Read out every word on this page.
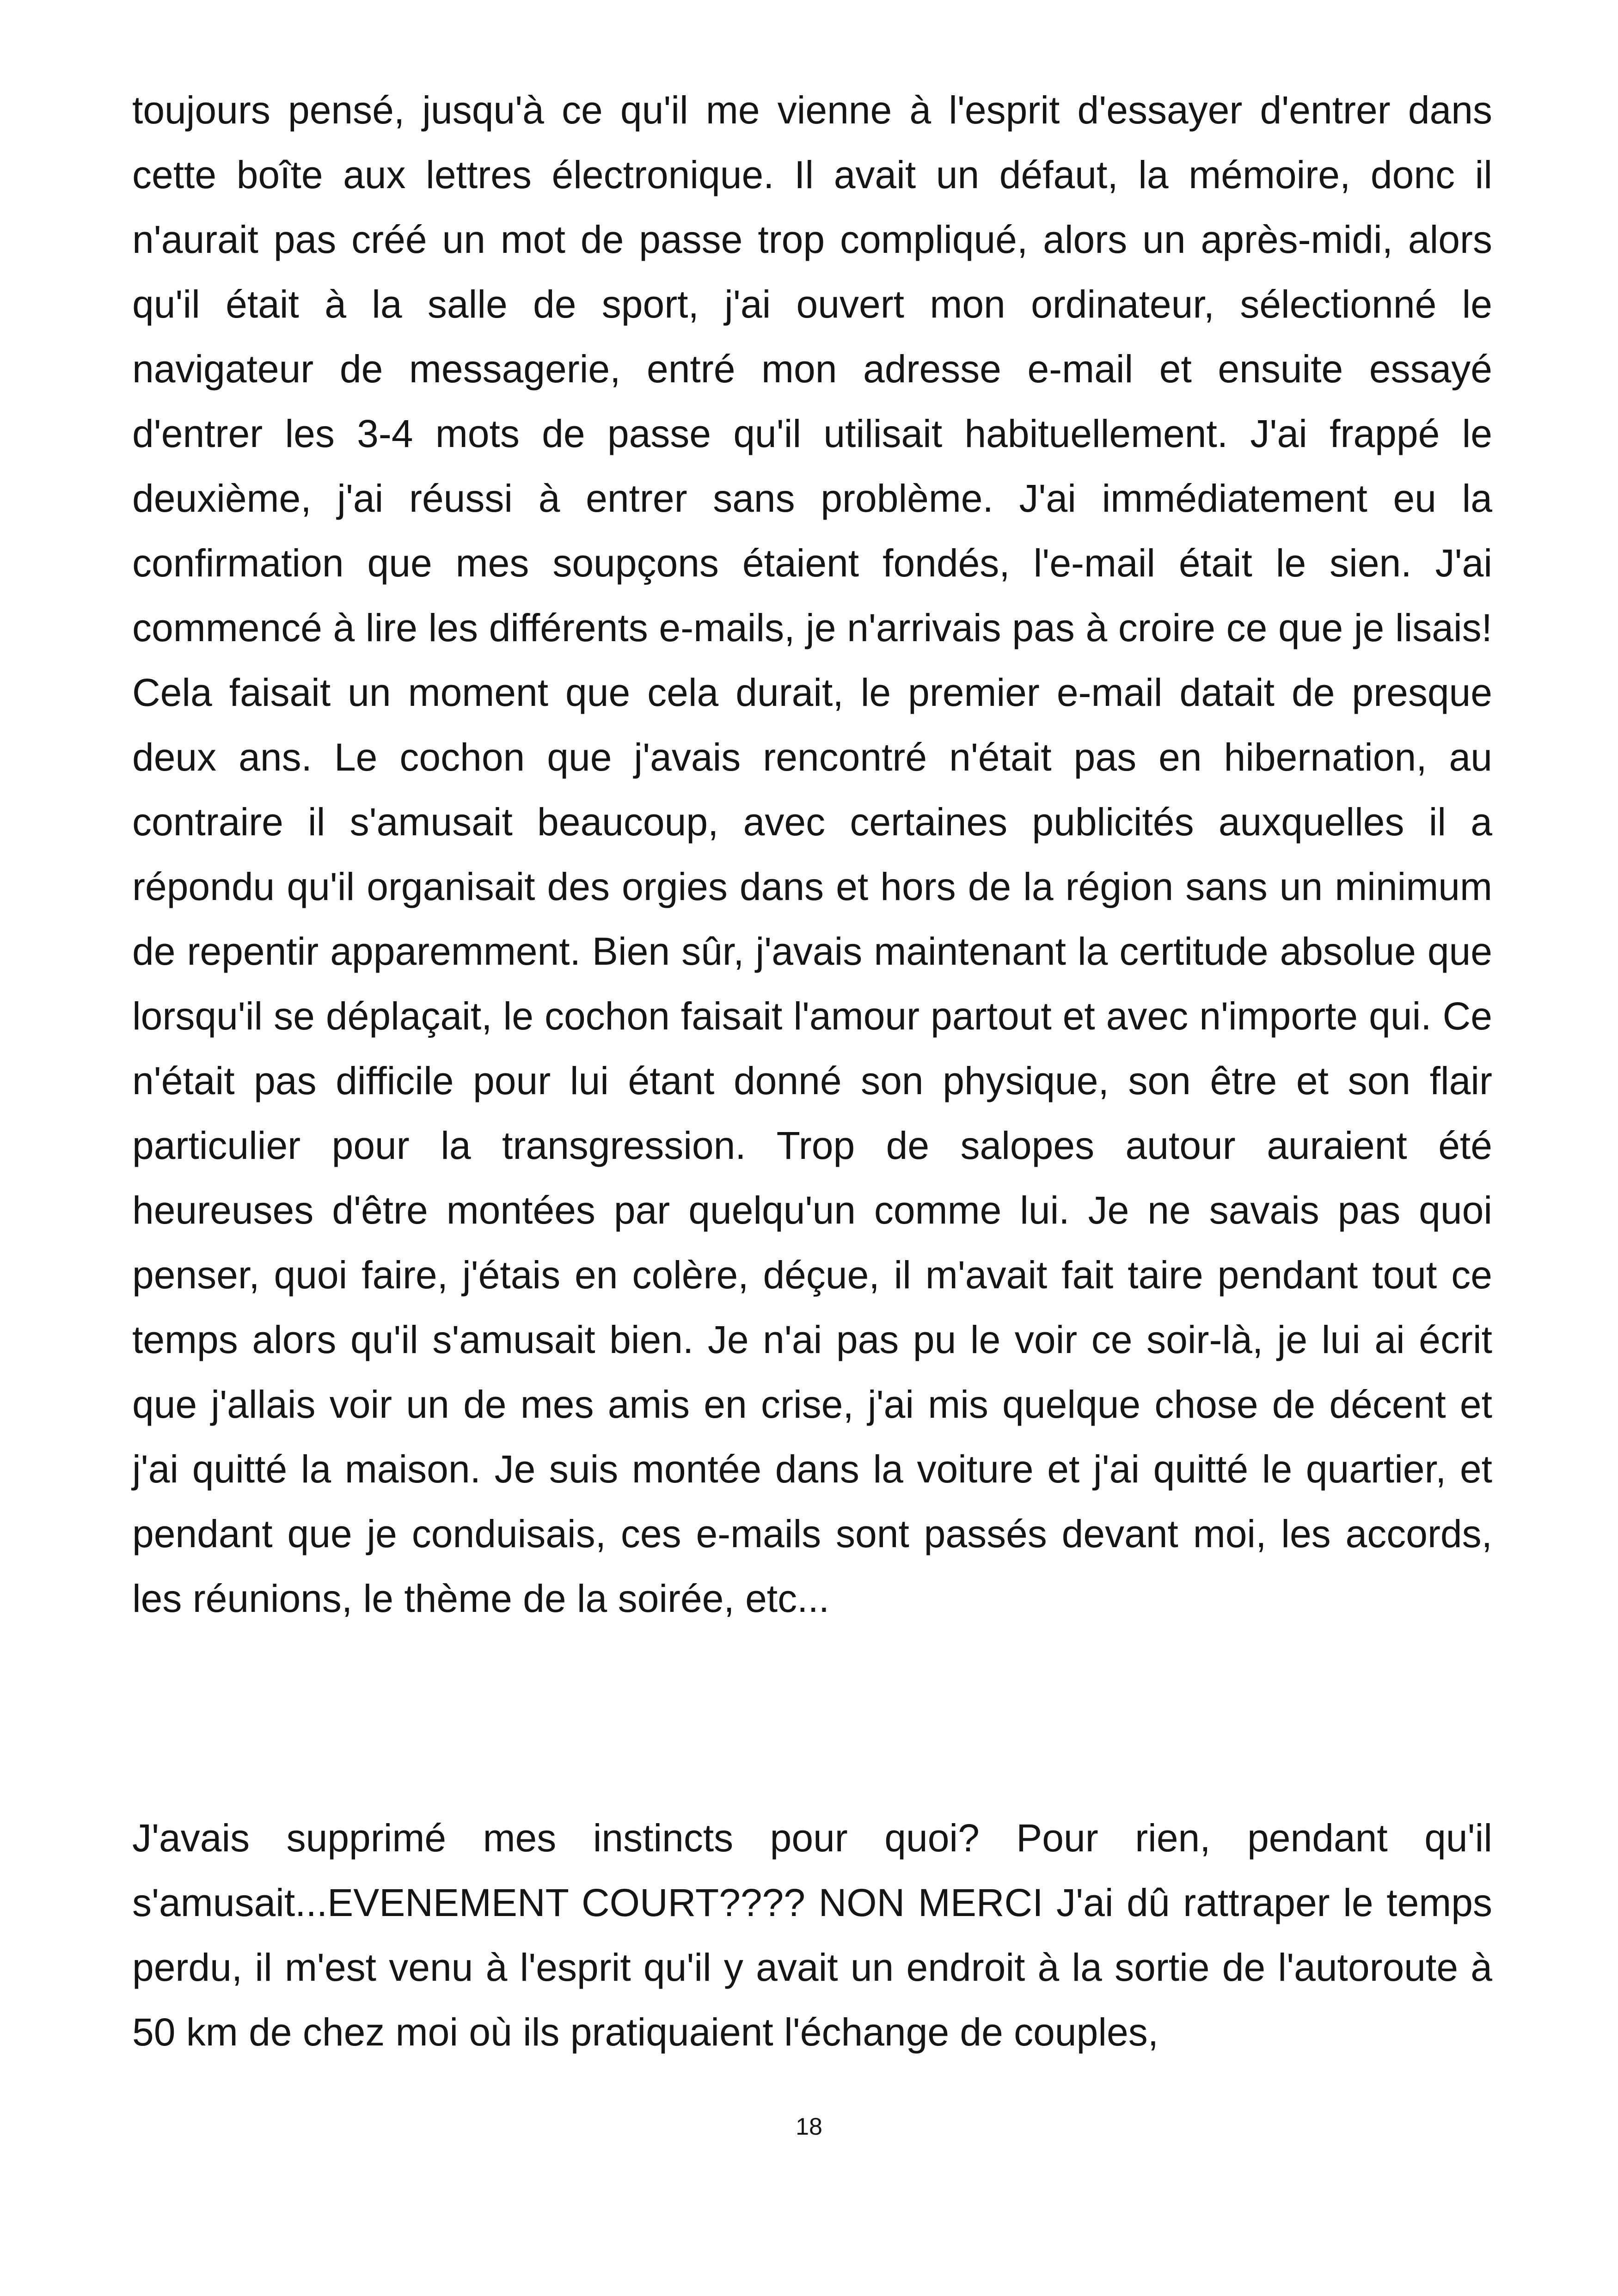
toujours pensé, jusqu'à ce qu'il me vienne à l'esprit d'essayer d'entrer dans cette boîte aux lettres électronique. Il avait un défaut, la mémoire, donc il n'aurait pas créé un mot de passe trop compliqué, alors un après-midi, alors qu'il était à la salle de sport, j'ai ouvert mon ordinateur, sélectionné le navigateur de messagerie, entré mon adresse e-mail et ensuite essayé d'entrer les 3-4 mots de passe qu'il utilisait habituellement. J'ai frappé le deuxième, j'ai réussi à entrer sans problème. J'ai immédiatement eu la confirmation que mes soupçons étaient fondés, l'e-mail était le sien. J'ai commencé à lire les différents e-mails, je n'arrivais pas à croire ce que je lisais! Cela faisait un moment que cela durait, le premier e-mail datait de presque deux ans. Le cochon que j'avais rencontré n'était pas en hibernation, au contraire il s'amusait beaucoup, avec certaines publicités auxquelles il a répondu qu'il organisait des orgies dans et hors de la région sans un minimum de repentir apparemment. Bien sûr, j'avais maintenant la certitude absolue que lorsqu'il se déplaçait, le cochon faisait l'amour partout et avec n'importe qui. Ce n'était pas difficile pour lui étant donné son physique, son être et son flair particulier pour la transgression. Trop de salopes autour auraient été heureuses d'être montées par quelqu'un comme lui. Je ne savais pas quoi penser, quoi faire, j'étais en colère, déçue, il m'avait fait taire pendant tout ce temps alors qu'il s'amusait bien. Je n'ai pas pu le voir ce soir-là, je lui ai écrit que j'allais voir un de mes amis en crise, j'ai mis quelque chose de décent et j'ai quitté la maison. Je suis montée dans la voiture et j'ai quitté le quartier, et pendant que je conduisais, ces e-mails sont passés devant moi, les accords, les réunions, le thème de la soirée, etc...

J'avais supprimé mes instincts pour quoi? Pour rien, pendant qu'il s'amusait...EVENEMENT COURT???? NON MERCI J'ai dû rattraper le temps perdu, il m'est venu à l'esprit qu'il y avait un endroit à la sortie de l'autoroute à 50 km de chez moi où ils pratiquaient l'échange de couples,

18
